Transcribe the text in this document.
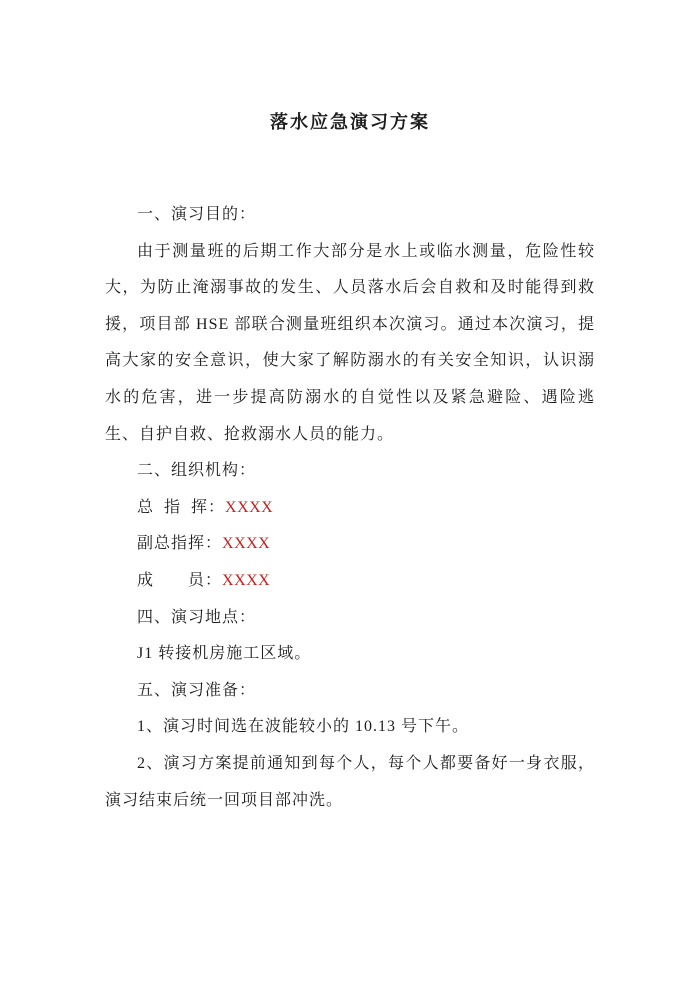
落水应急演习方案

一、演习目的：

由于测量班的后期工作大部分是水上或临水测量，危险性较大，为防止淹溺事故的发生、人员落水后会自救和及时能得到救援，项目部 HSE 部联合测量班组织本次演习。通过本次演习，提高大家的安全意识，使大家了解防溺水的有关安全知识，认识溺水的危害，进一步提高防溺水的自觉性以及紧急避险、遇险逃生、自护自救、抢救溺水人员的能力。

二、组织机构：

总  指  挥：XXXX

副总指挥：XXXX

成　　员：XXXX

四、演习地点：

J1 转接机房施工区域。

五、演习准备：

1、演习时间选在波能较小的 10.13 号下午。

2、演习方案提前通知到每个人，每个人都要备好一身衣服，演习结束后统一回项目部冲洗。
